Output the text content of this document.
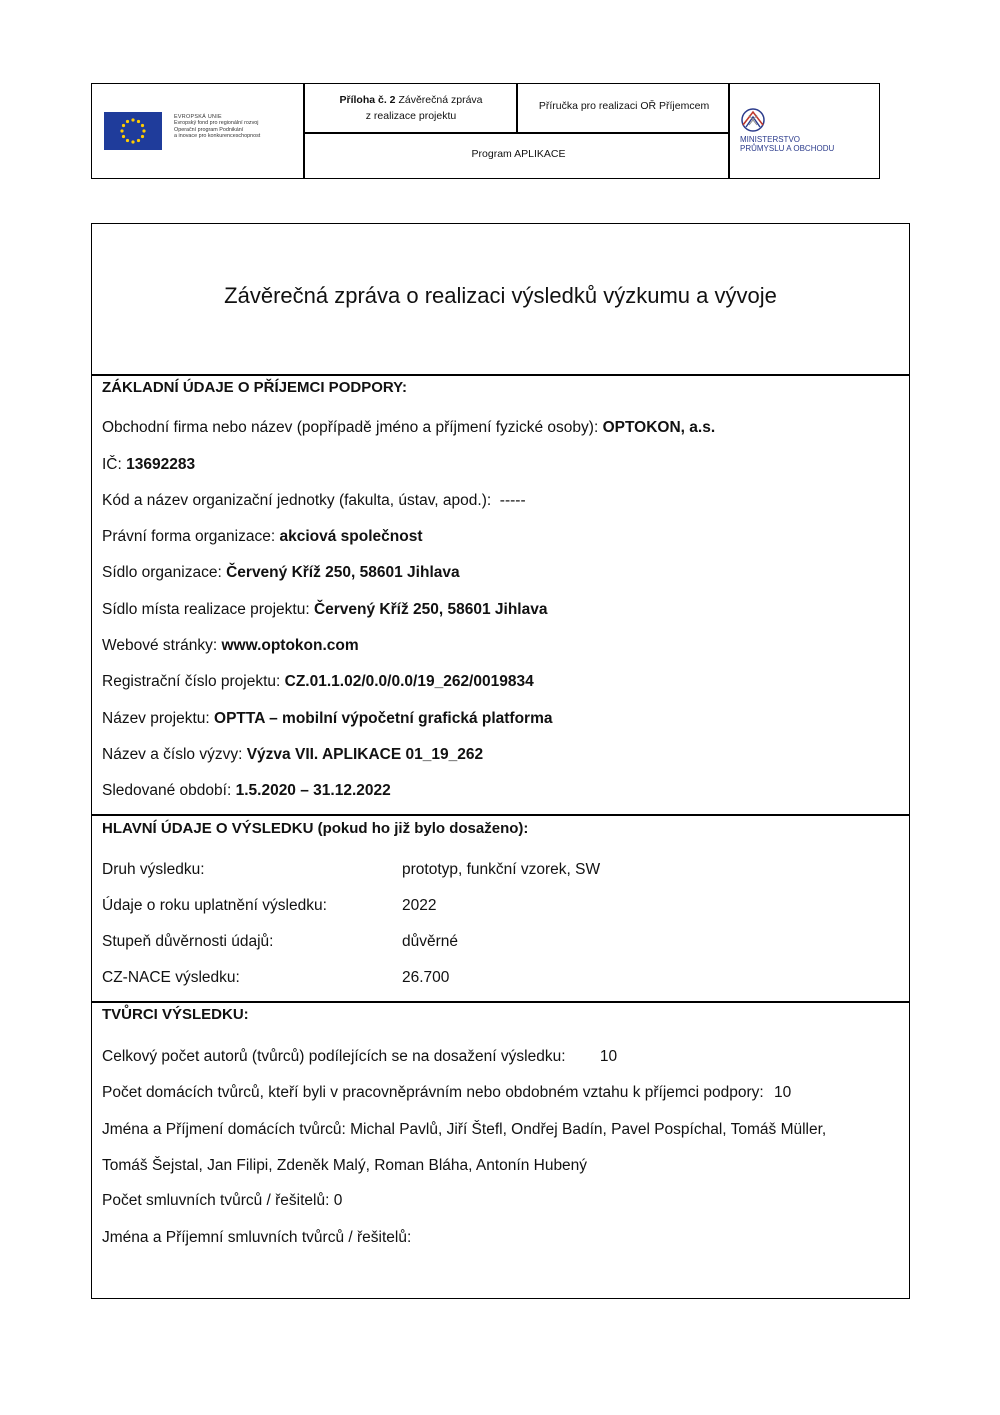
EVROPSKÁ UNIE
Evropský fond pro regionální rozvoj
Operační program Podnikání
a inovace pro konkurenceschopnost
Příloha č. 2 Závěrečná zpráva
z realizace projektu
Příručka pro realizaci OŘ Příjemcem
Program APLIKACE
MINISTERSTVO
PRŮMYSLU A OBCHODU
Závěrečná zpráva o realizaci výsledků výzkumu a vývoje
ZÁKLADNÍ ÚDAJE O PŘÍJEMCI PODPORY:
Obchodní firma nebo název (popřípadě jméno a příjmení fyzické osoby): OPTOKON, a.s.
IČ: 13692283
Kód a název organizační jednotky (fakulta, ústav, apod.): -----
Právní forma organizace: akciová společnost
Sídlo organizace: Červený Kříž 250, 58601 Jihlava
Sídlo místa realizace projektu: Červený Kříž 250, 58601 Jihlava
Webové stránky: www.optokon.com
Registrační číslo projektu: CZ.01.1.02/0.0/0.0/19_262/0019834
Název projektu: OPTTA – mobilní výpočetní grafická platforma
Název a číslo výzvy: Výzva VII. APLIKACE 01_19_262
Sledované období: 1.5.2020 – 31.12.2022
HLAVNÍ ÚDAJE O VÝSLEDKU (pokud ho již bylo dosaženo):
Druh výsledku:	prototyp, funkční vzorek, SW
Údaje o roku uplatnění výsledku:	2022
Stupeň důvěrnosti údajů:	důvěrné
CZ-NACE výsledku:	26.700
TVŮRCI VÝSLEDKU:
Celkový počet autorů (tvůrců) podílejících se na dosažení výsledku: 10
Počet domácích tvůrců, kteří byli v pracovněprávním nebo obdobném vztahu k příjemci podpory: 10
Jména a Příjmení domácích tvůrců: Michal Pavlů, Jiří Štefl, Ondřej Badín, Pavel Pospíchal, Tomáš Müller,
Tomáš Šejstal, Jan Filipi, Zdeněk Malý, Roman Bláha, Antonín Hubený
Počet smluvních tvůrců / řešitelů: 0
Jména a Příjemní smluvních tvůrců / řešitelů:
